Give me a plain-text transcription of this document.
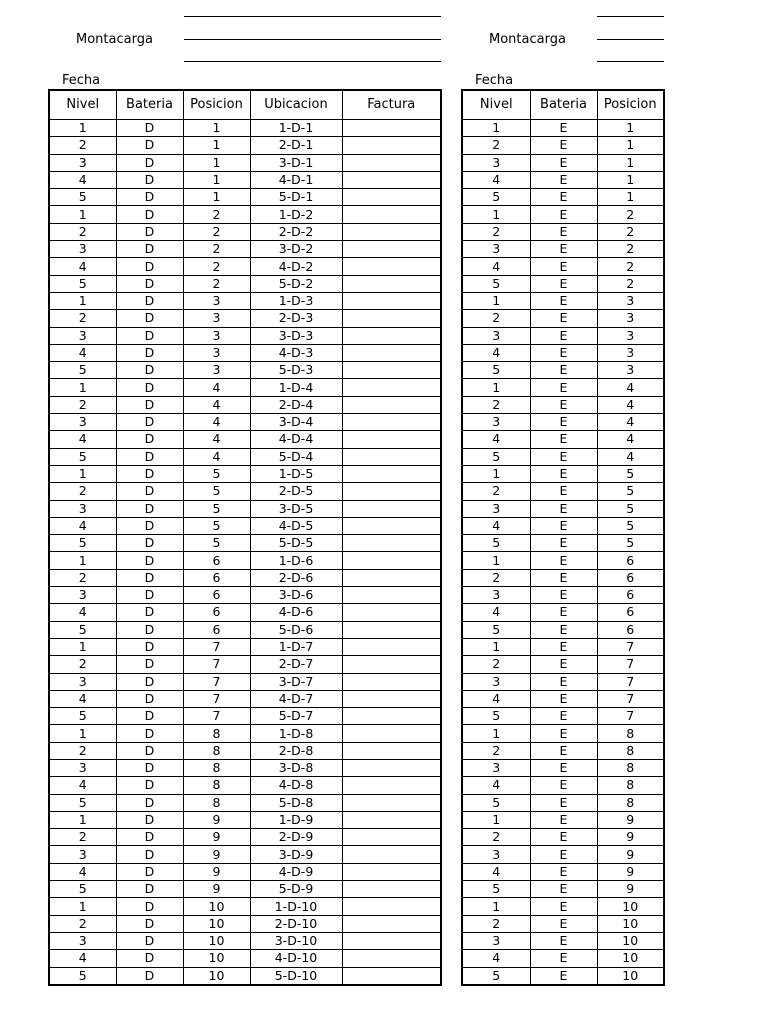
Montacarga
Fecha
Montacarga
Fecha
Nivel	Bateria	Posicion	Ubicacion	Factura
1	D	1	1-D-1	
2	D	1	2-D-1	
3	D	1	3-D-1	
4	D	1	4-D-1	
5	D	1	5-D-1	
1	D	2	1-D-2	
2	D	2	2-D-2	
3	D	2	3-D-2	
4	D	2	4-D-2	
5	D	2	5-D-2	
1	D	3	1-D-3	
2	D	3	2-D-3	
3	D	3	3-D-3	
4	D	3	4-D-3	
5	D	3	5-D-3	
1	D	4	1-D-4	
2	D	4	2-D-4	
3	D	4	3-D-4	
4	D	4	4-D-4	
5	D	4	5-D-4	
1	D	5	1-D-5	
2	D	5	2-D-5	
3	D	5	3-D-5	
4	D	5	4-D-5	
5	D	5	5-D-5	
1	D	6	1-D-6	
2	D	6	2-D-6	
3	D	6	3-D-6	
4	D	6	4-D-6	
5	D	6	5-D-6	
1	D	7	1-D-7	
2	D	7	2-D-7	
3	D	7	3-D-7	
4	D	7	4-D-7	
5	D	7	5-D-7	
1	D	8	1-D-8	
2	D	8	2-D-8	
3	D	8	3-D-8	
4	D	8	4-D-8	
5	D	8	5-D-8	
1	D	9	1-D-9	
2	D	9	2-D-9	
3	D	9	3-D-9	
4	D	9	4-D-9	
5	D	9	5-D-9	
1	D	10	1-D-10	
2	D	10	2-D-10	
3	D	10	3-D-10	
4	D	10	4-D-10	
5	D	10	5-D-10	
Nivel	Bateria	Posicion
1	E	1
2	E	1
3	E	1
4	E	1
5	E	1
1	E	2
2	E	2
3	E	2
4	E	2
5	E	2
1	E	3
2	E	3
3	E	3
4	E	3
5	E	3
1	E	4
2	E	4
3	E	4
4	E	4
5	E	4
1	E	5
2	E	5
3	E	5
4	E	5
5	E	5
1	E	6
2	E	6
3	E	6
4	E	6
5	E	6
1	E	7
2	E	7
3	E	7
4	E	7
5	E	7
1	E	8
2	E	8
3	E	8
4	E	8
5	E	8
1	E	9
2	E	9
3	E	9
4	E	9
5	E	9
1	E	10
2	E	10
3	E	10
4	E	10
5	E	10
